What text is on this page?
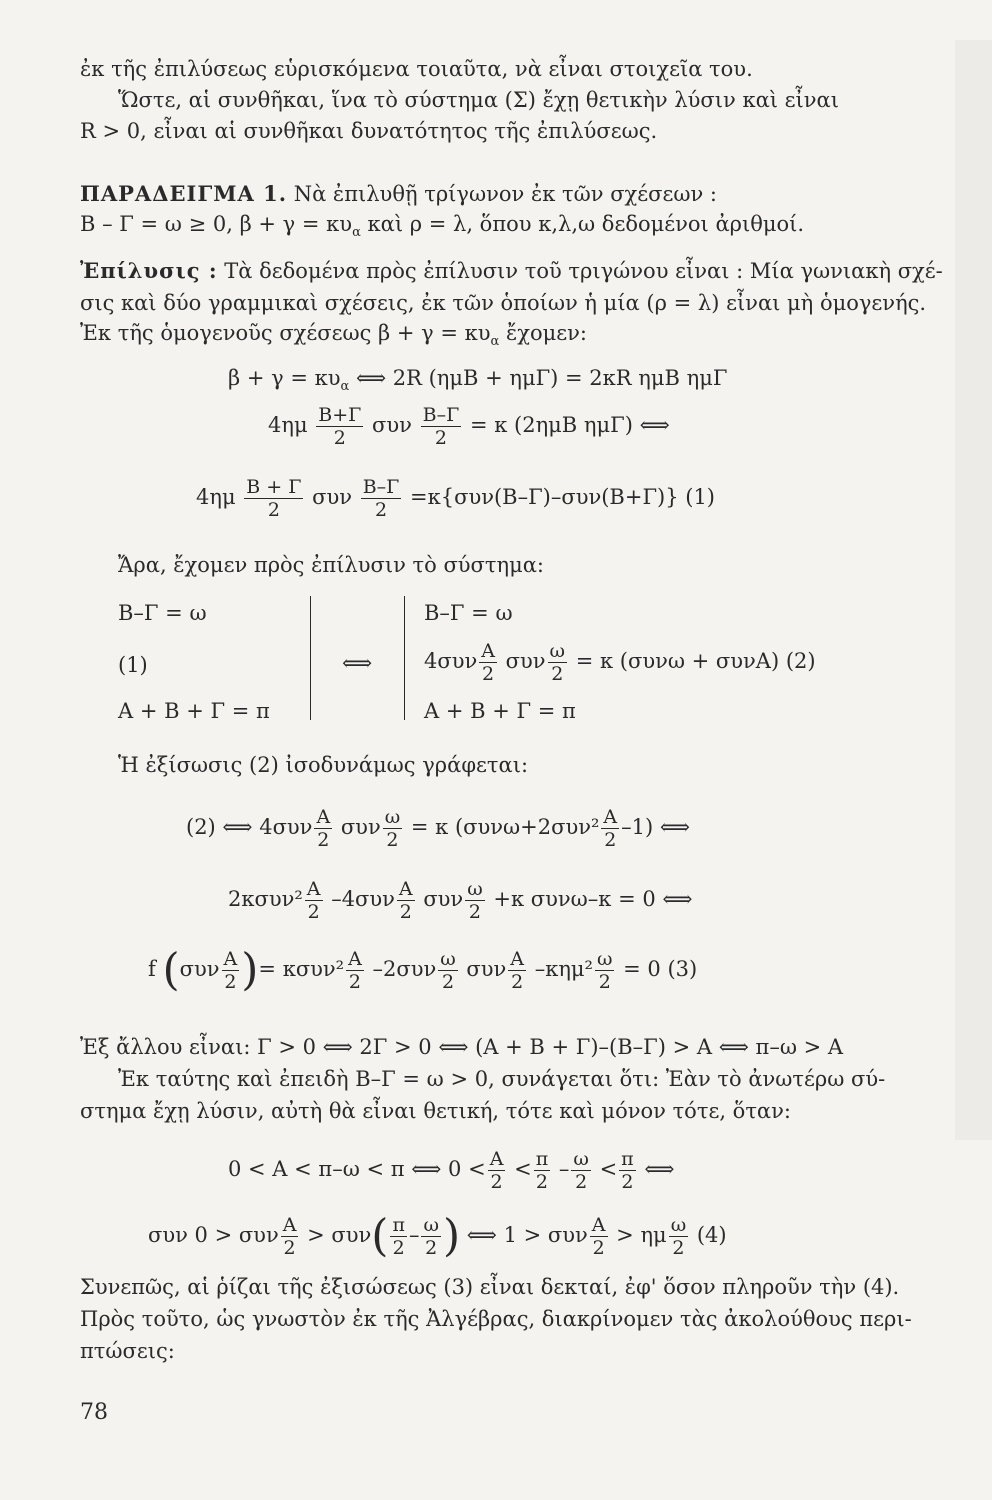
ἐκ τῆς ἐπιλύσεως εὑρισκόμενα τοιαῦτα, νὰ εἶναι στοιχεῖα του.
Ὥστε, αἱ συνθῆκαι, ἵνα τὸ σύστημα (Σ) ἔχῃ θετικὴν λύσιν καὶ εἶναι
R > 0, εἶναι αἱ συνθῆκαι δυνατότητος τῆς ἐπιλύσεως.
ΠΑΡΑΔΕΙΓΜΑ 1. Νὰ ἐπιλυθῇ τρίγωνον ἐκ τῶν σχέσεων :
Β – Γ = ω ≥ 0, $\beta + \gamma = \kappa\upsilon_\alpha$ καὶ ρ = λ, ὅπου κ,λ,ω δεδομένοι ἀριθμοί.
Ἐπίλυσις : Τὰ δεδομένα πρὸς ἐπίλυσιν τοῦ τριγώνου εἶναι : Μία γωνιακὴ σχέ-
σις καὶ δύο γραμμικαὶ σχέσεις, ἐκ τῶν ὁποίων ἡ μία (ρ = λ) εἶναι μὴ ὁμογενής.
Ἐκ τῆς ὁμογενοῦς σχέσεως $\beta + \gamma = \kappa\upsilon_\alpha$ ἔχομεν:
$\beta + \gamma = \kappa\upsilon_\alpha$ ⟺ 2R (ημΒ + ημΓ) = 2κR ημΒ ημΓ
$4\eta\mu \frac{B+\Gamma}{2}$ συν $\frac{B-\Gamma}{2} = \kappa$ (2ημΒ ημΓ) ⟺
$4\eta\mu \frac{B + \Gamma}{2}$ συν $\frac{B-\Gamma}{2} =\kappa\{\sigma\upsilon\nu(B-\Gamma)-\sigma\upsilon\nu(B+\Gamma)\}$ (1)
Ἄρα, ἔχομεν πρὸς ἐπίλυσιν τὸ σύστημα:
Β–Γ = ω
(1)
Α + Β + Γ = π
⟺
Β–Γ = ω
$4\sigma\upsilon\nu \frac{A}{2}$ συν $\frac{\omega}{2} = \kappa$ (συνω + συνΑ) (2)
Α + Β + Γ = π
Ἡ ἐξίσωσις (2) ἰσοδυνάμως γράφεται:
(2) ⟺ $4\sigma\upsilon\nu \frac{A}{2}$ συν $\frac{\omega}{2} = \kappa$ $(\sigma\upsilon\nu\omega+2\sigma\upsilon\nu^2 \frac{A}{2} -1)$ ⟺
$2\kappa\sigma\upsilon\nu^2 \frac{A}{2} -4\sigma\upsilon\nu \frac{A}{2}$ συν $\frac{\omega}{2} +\kappa$ συνω–κ = 0 ⟺
f ($\sigma\upsilon\nu \frac{A}{2}$ )= $\kappa\sigma\upsilon\nu^2 \frac{A}{2} -2\sigma\upsilon\nu \frac{\omega}{2}$ συν $\frac{A}{2} -\kappa\eta\mu^2 \frac{\omega}{2} = 0$ (3)
Ἐξ ἄλλου εἶναι: Γ > 0 ⟺ 2Γ > 0 ⟺ (Α + Β + Γ)–(Β–Γ) > Α ⟺ π–ω > Α
Ἐκ ταύτης καὶ ἐπειδὴ Β–Γ = ω > 0, συνάγεται ὅτι: Ἐὰν τὸ ἀνωτέρω σύ-
στημα ἔχῃ λύσιν, αὐτὴ θὰ εἶναι θετική, τότε καὶ μόνον τότε, ὅταν:
0 < Α < π–ω < π ⟺ $0 < \frac{A}{2} < \frac{\pi}{2} - \frac{\omega}{2} < \frac{\pi}{2}$ ⟺
συν 0 > συν $\frac{A}{2} > \sigma\upsilon\nu( \frac{\pi}{2} - \frac{\omega}{2}$ ) ⟺ 1 > συν $\frac{A}{2} > \eta\mu \frac{\omega}{2} (4)$
Συνεπῶς, αἱ ῥίζαι τῆς ἐξισώσεως (3) εἶναι δεκταί, ἐφ' ὅσον πληροῦν τὴν (4).
Πρὸς τοῦτο, ὡς γνωστὸν ἐκ τῆς Ἀλγέβρας, διακρίνομεν τὰς ἀκολούθους περι-
πτώσεις:
78
